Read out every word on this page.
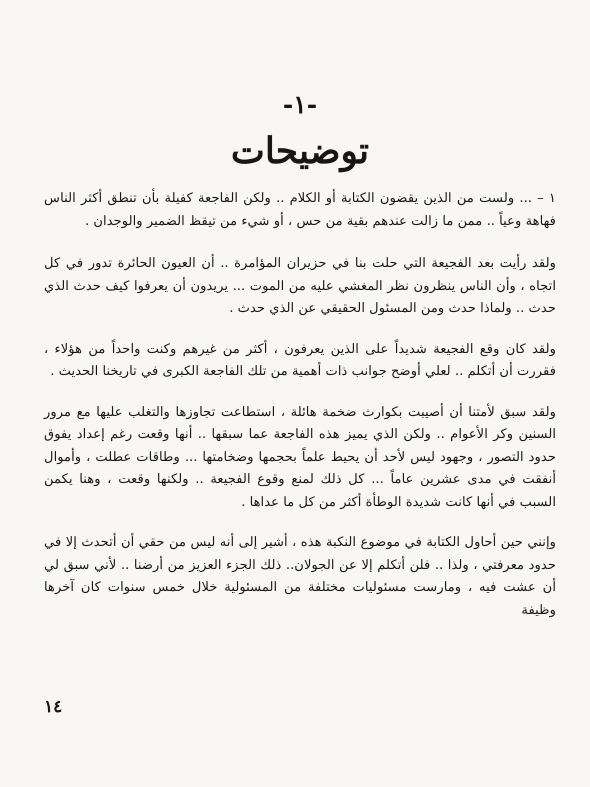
-١-
توضيحات

١ – ... ولست من الذين يقضون الكتابة أو الكلام .. ولكن الفاجعة كفيلة بأن تنطق أكثر الناس فهاهة وعياً .. ممن ما زالت عندهم بقية من حس ، أو شيء من تيقظ الضمير والوجدان .

ولقد رأيت بعد الفجيعة التي حلت بنا في حزيران المؤامرة .. أن العيون الحائرة تدور في كل اتجاه ، وأن الناس ينظرون نظر المغشي عليه من الموت ... يريدون أن يعرفوا كيف حدث الذي حدث .. ولماذا حدث ومن المسئول الحقيقي عن الذي حدث .

ولقد كان وقع الفجيعة شديداً على الذين يعرفون ، أكثر من غيرهم وكنت واحداً من هؤلاء ، فقررت أن أتكلم .. لعلي أوضح جوانب ذات أهمية من تلك الفاجعة الكبرى في تاريخنا الحديث .

ولقد سبق لأمتنا أن أصيبت بكوارث ضخمة هائلة ، استطاعت تجاوزها والتغلب عليها مع مرور السنين وكر الأعوام .. ولكن الذي يميز هذه الفاجعة عما سبقها .. أنها وقعت رغم إعداد يفوق حدود التصور ، وجهود ليس لأحد أن يحيط علماً بحجمها وضخامتها ... وطاقات عطلت ، وأموال أنفقت في مدى عشرين عاماً ... كل ذلك لمنع وقوع الفجيعة .. ولكنها وقعت ، وهنا يكمن السبب في أنها كانت شديدة الوطأة أكثر من كل ما عداها .

وإنني حين أحاول الكتابة في موضوع النكبة هذه ، أشير إلى أنه ليس من حقي أن أتحدث إلا في حدود معرفتي ، ولذا .. فلن أتكلم إلا عن الجولان.. ذلك الجزء العزيز من أرضنا .. لأني سبق لي أن عشت فيه ، ومارست مسئوليات مختلفة من المسئولية خلال خمس سنوات كان آخرها وظيفة

١٤
